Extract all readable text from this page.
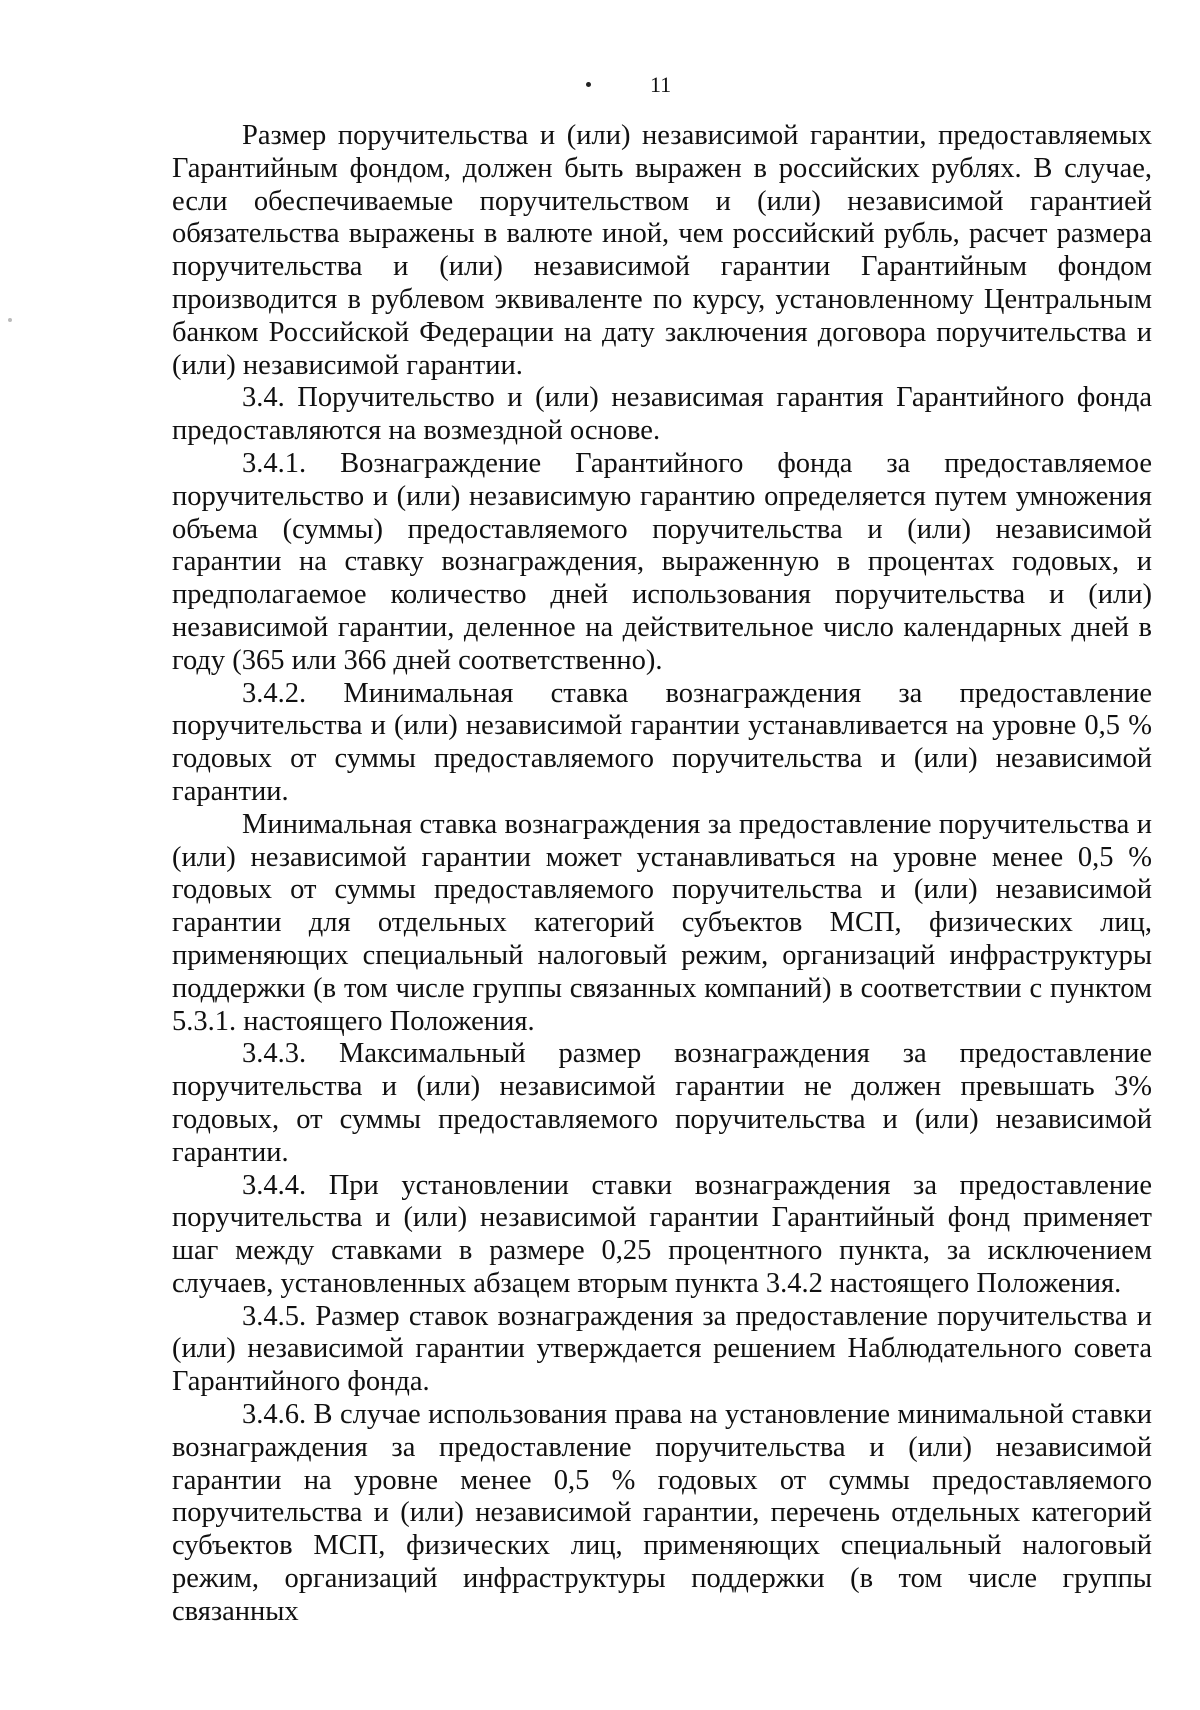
11

Размер поручительства и (или) независимой гарантии, предоставляемых Гарантийным фондом, должен быть выражен в российских рублях. В случае, если обеспечиваемые поручительством и (или) независимой гарантией обязательства выражены в валюте иной, чем российский рубль, расчет размера поручительства и (или) независимой гарантии Гарантийным фондом производится в рублевом эквиваленте по курсу, установленному Центральным банком Российской Федерации на дату заключения договора поручительства и (или) независимой гарантии.

3.4. Поручительство и (или) независимая гарантия Гарантийного фонда предоставляются на возмездной основе.

3.4.1. Вознаграждение Гарантийного фонда за предоставляемое поручительство и (или) независимую гарантию определяется путем умножения объема (суммы) предоставляемого поручительства и (или) независимой гарантии на ставку вознаграждения, выраженную в процентах годовых, и предполагаемое количество дней использования поручительства и (или) независимой гарантии, деленное на действительное число календарных дней в году (365 или 366 дней соответственно).

3.4.2. Минимальная ставка вознаграждения за предоставление поручительства и (или) независимой гарантии устанавливается на уровне 0,5 % годовых от суммы предоставляемого поручительства и (или) независимой гарантии.

Минимальная ставка вознаграждения за предоставление поручительства и (или) независимой гарантии может устанавливаться на уровне менее 0,5 % годовых от суммы предоставляемого поручительства и (или) независимой гарантии для отдельных категорий субъектов МСП, физических лиц, применяющих специальный налоговый режим, организаций инфраструктуры поддержки (в том числе группы связанных компаний) в соответствии с пунктом 5.3.1. настоящего Положения.

3.4.3. Максимальный размер вознаграждения за предоставление поручительства и (или) независимой гарантии не должен превышать 3% годовых, от суммы предоставляемого поручительства и (или) независимой гарантии.

3.4.4. При установлении ставки вознаграждения за предоставление поручительства и (или) независимой гарантии Гарантийный фонд применяет шаг между ставками в размере 0,25 процентного пункта, за исключением случаев, установленных абзацем вторым пункта 3.4.2 настоящего Положения.

3.4.5. Размер ставок вознаграждения за предоставление поручительства и (или) независимой гарантии утверждается решением Наблюдательного совета Гарантийного фонда.

3.4.6. В случае использования права на установление минимальной ставки вознаграждения за предоставление поручительства и (или) независимой гарантии на уровне менее 0,5 % годовых от суммы предоставляемого поручительства и (или) независимой гарантии, перечень отдельных категорий субъектов МСП, физических лиц, применяющих специальный налоговый режим, организаций инфраструктуры поддержки (в том числе группы связанных
